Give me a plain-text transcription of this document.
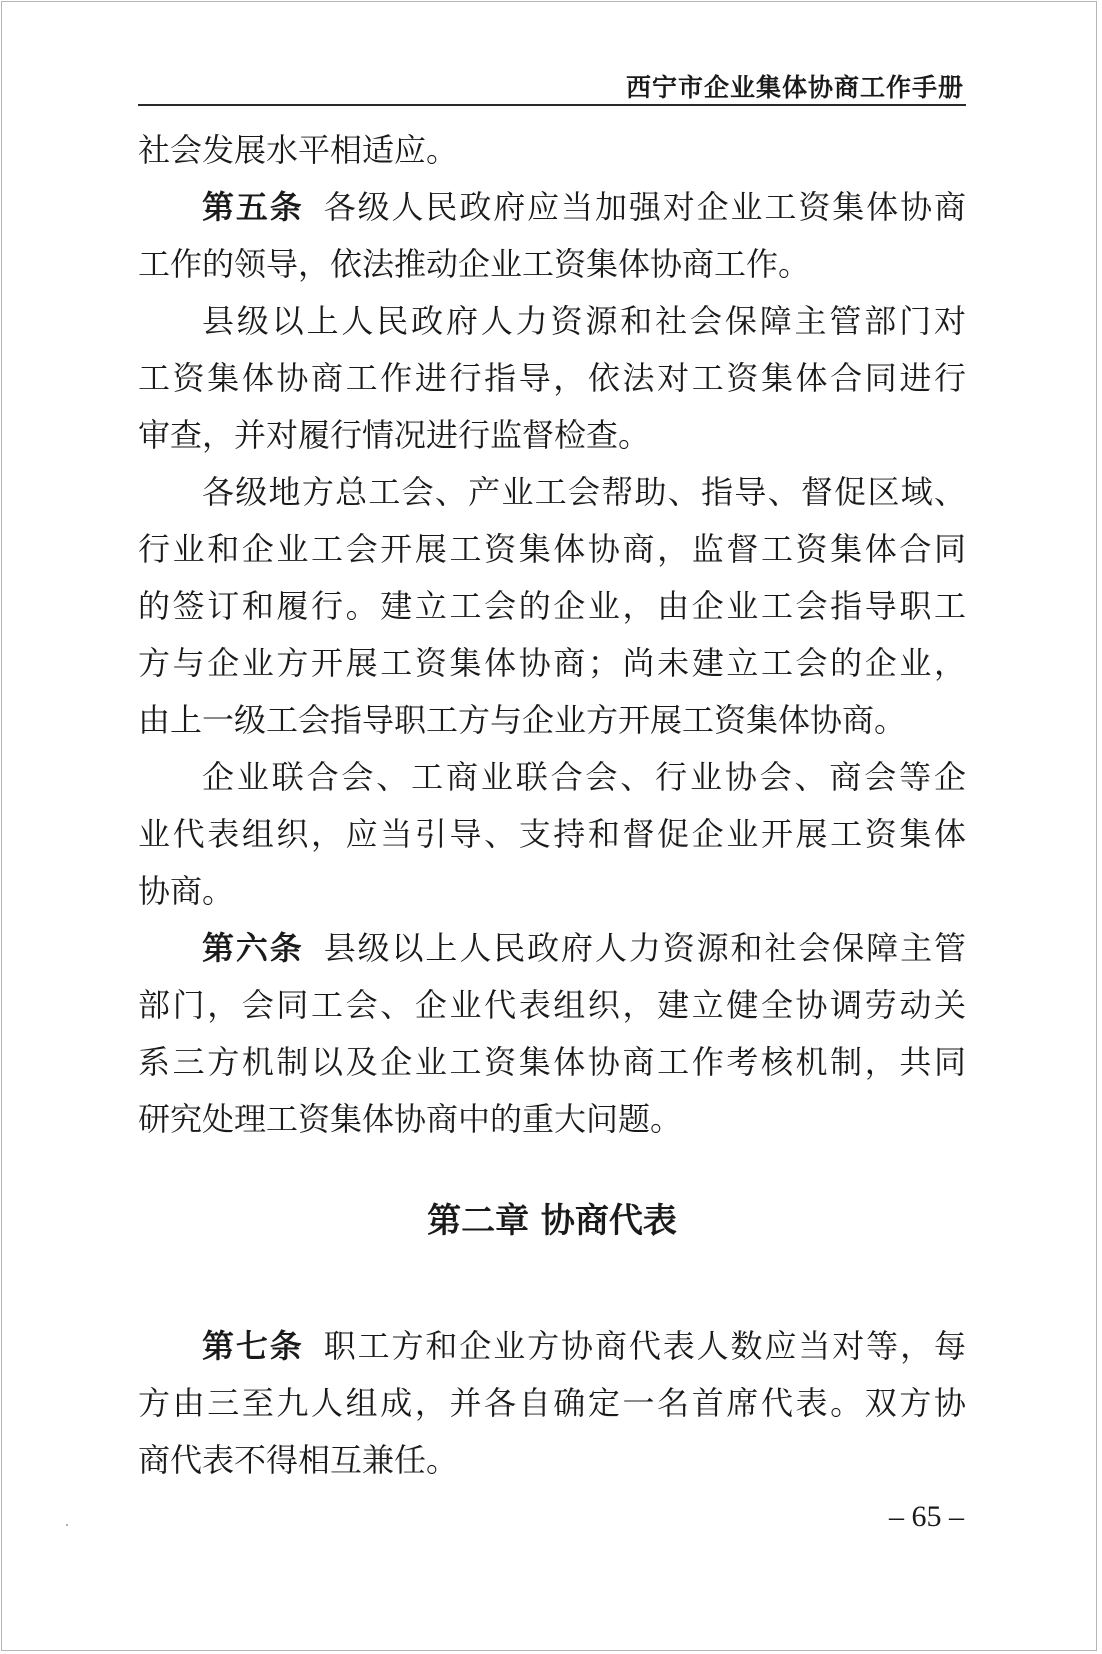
西宁市企业集体协商工作手册
社会发展水平相适应。
第五条 各级人民政府应当加强对企业工资集体协商
工作的领导，依法推动企业工资集体协商工作。
县级以上人民政府人力资源和社会保障主管部门对
工资集体协商工作进行指导，依法对工资集体合同进行
审查，并对履行情况进行监督检查。
各级地方总工会、产业工会帮助、指导、督促区域、
行业和企业工会开展工资集体协商，监督工资集体合同
的签订和履行。建立工会的企业，由企业工会指导职工
方与企业方开展工资集体协商；尚未建立工会的企业，
由上一级工会指导职工方与企业方开展工资集体协商。
企业联合会、工商业联合会、行业协会、商会等企
业代表组织，应当引导、支持和督促企业开展工资集体
协商。
第六条 县级以上人民政府人力资源和社会保障主管
部门，会同工会、企业代表组织，建立健全协调劳动关
系三方机制以及企业工资集体协商工作考核机制，共同
研究处理工资集体协商中的重大问题。
第二章 协商代表
第七条 职工方和企业方协商代表人数应当对等，每
方由三至九人组成，并各自确定一名首席代表。双方协
商代表不得相互兼任。
– 65 –
